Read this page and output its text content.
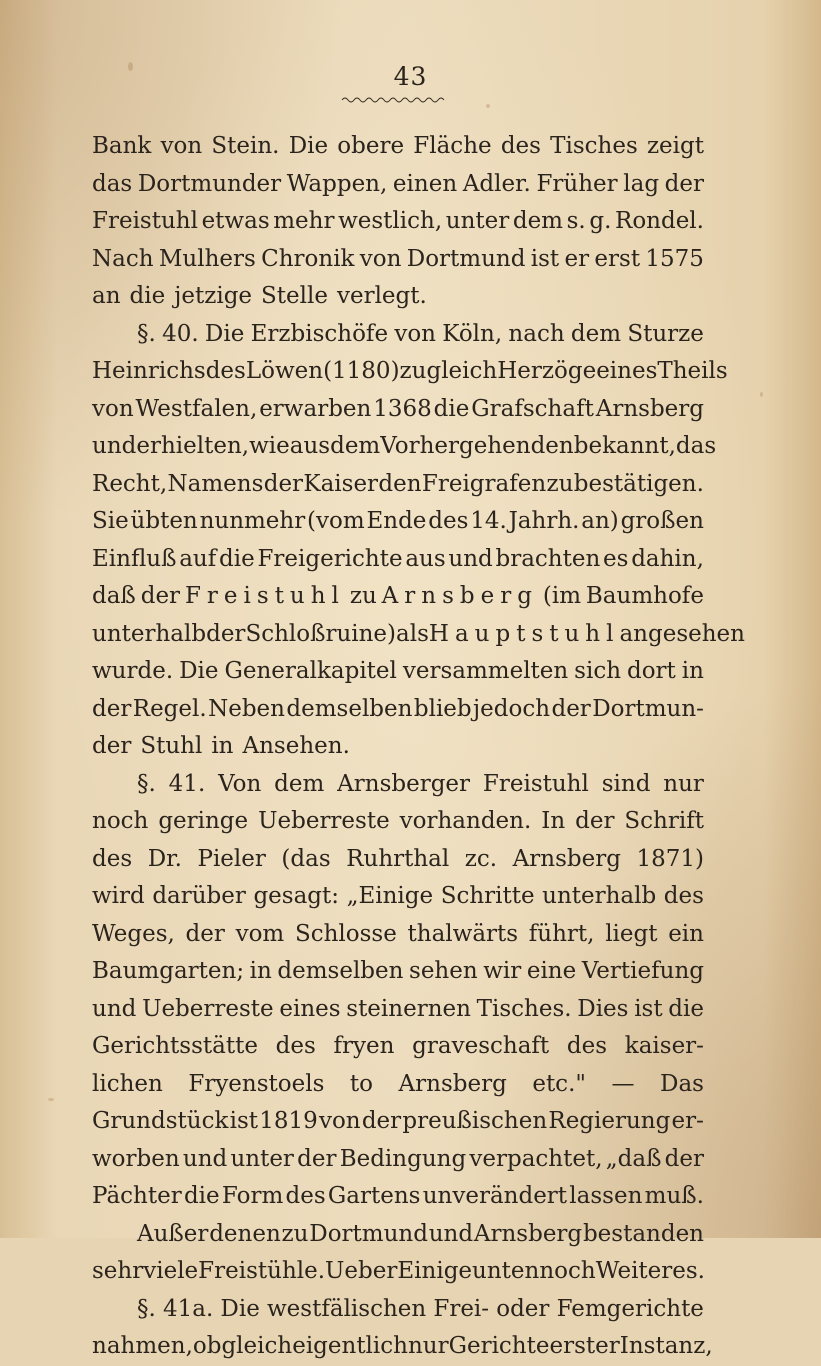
43
Bank von Stein. Die obere Fläche des Tisches zeigt
das Dortmunder Wappen, einen Adler. Früher lag der
Freistuhl etwas mehr westlich, unter dem s. g. Rondel.
Nach Mulhers Chronik von Dortmund ist er erst 1575
an die jetzige Stelle verlegt.
§. 40. Die Erzbischöfe von Köln, nach dem Sturze
Heinrichs des Löwen (1180) zugleich Herzöge eines Theils
von Westfalen, erwarben 1368 die Grafschaft Arnsberg
und erhielten, wie aus dem Vorhergehenden bekannt, das
Recht, Namens der Kaiser den Freigrafen zu bestätigen.
Sie übten nunmehr (vom Ende des 14. Jahrh. an) großen
Einfluß auf die Freigerichte aus und brachten es dahin,
daß der Freistuhl zu Arnsberg (im Baumhofe
unterhalb der Schloßruine) als Hauptstuhl angesehen
wurde. Die Generalkapitel versammelten sich dort in
der Regel. Neben demselben blieb jedoch der Dortmun-
der Stuhl in Ansehen.
§. 41. Von dem Arnsberger Freistuhl sind nur
noch geringe Ueberreste vorhanden. In der Schrift
des Dr. Pieler (das Ruhrthal zc. Arnsberg 1871)
wird darüber gesagt: „Einige Schritte unterhalb des
Weges, der vom Schlosse thalwärts führt, liegt ein
Baumgarten; in demselben sehen wir eine Vertiefung
und Ueberreste eines steinernen Tisches. Dies ist die
Gerichtsstätte des fryen graveschaft des kaiser-
lichen Fryenstoels to Arnsberg etc." — Das
Grundstück ist 1819 von der preußischen Regierung er-
worben und unter der Bedingung verpachtet, „daß der
Pächter die Form des Gartens unverändert lassen muß.
Außer denen zu Dortmund und Arnsberg bestanden
sehr viele Freistühle. Ueber Einige unten noch Weiteres.
§. 41a. Die westfälischen Frei- oder Femgerichte
nahmen, obgleich eigentlich nur Gerichte erster Instanz,
